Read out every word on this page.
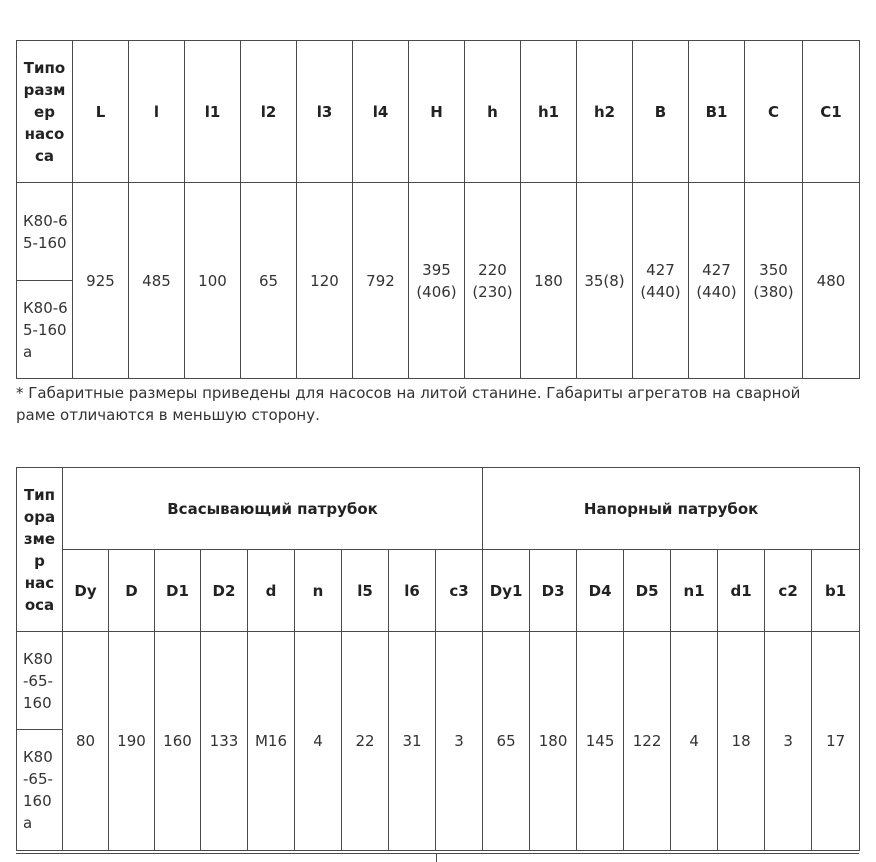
Типо разм ер насо са	L	l	l1	l2	l3	l4	H	h	h1	h2	B	B1	C	C1
К80-65-160	925	485	100	65	120	792	395 (406)	220 (230)	180	35(8)	427 (440)	427 (440)	350 (380)	480
К80-65-160а														

* Габаритные размеры приведены для насосов на литой станине. Габариты агрегатов на сварной раме отличаются в меньшую сторону.

Тип ора зме р нас оса	Всасывающий патрубок									Напорный патрубок							
	Dy	D	D1	D2	d	n	l5	l6	c3	Dy1	D3	D4	D5	n1	d1	c2	b1
К80 -65- 160	80	190	160	133	М16	4	22	31	3	65	180	145	122	4	18	3	17
К80 -65- 160 а																	
